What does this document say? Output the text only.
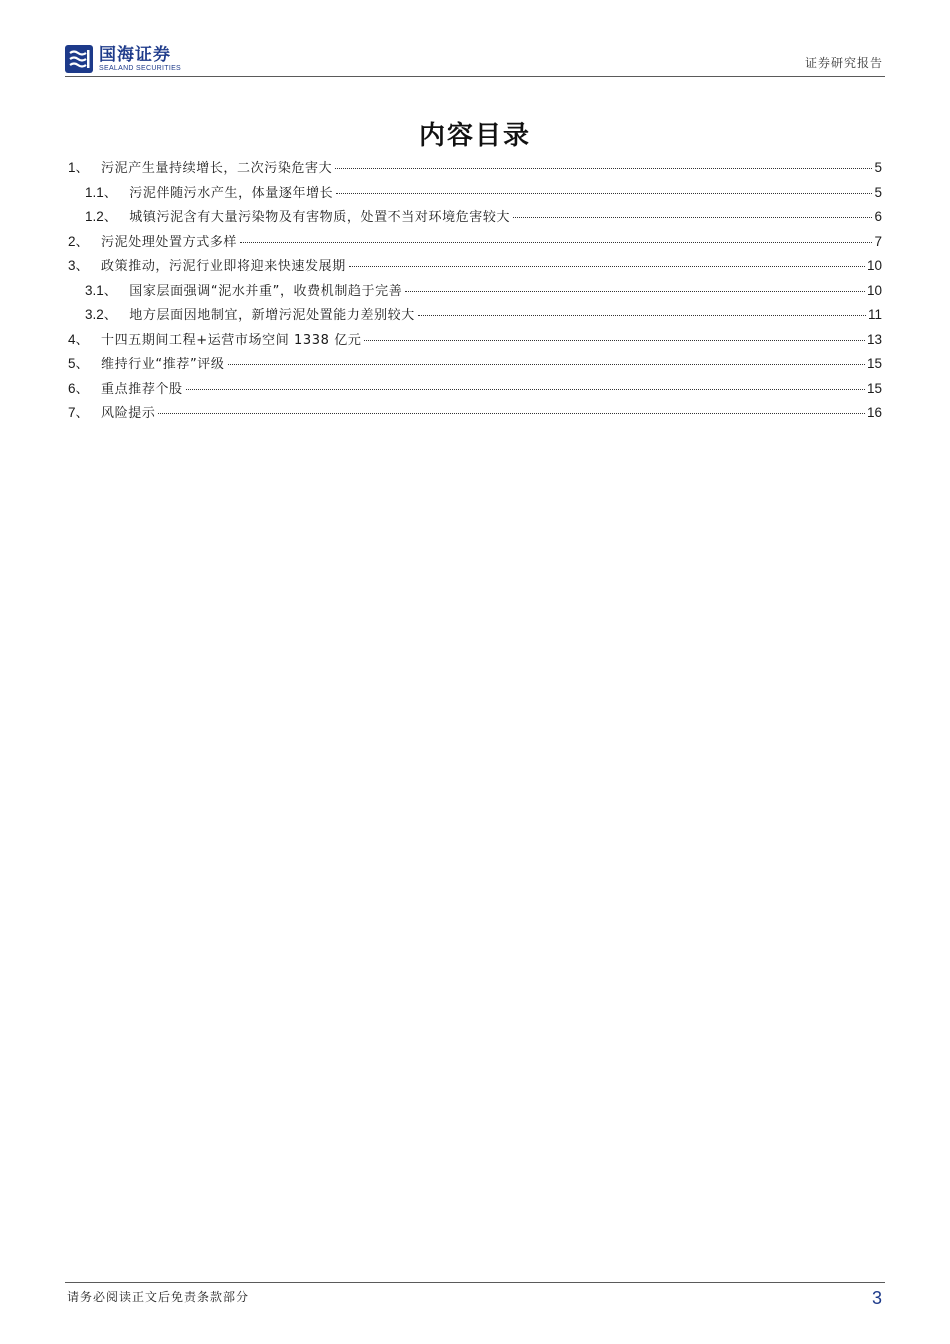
国海证券
SEALAND SECURITIES	证券研究报告
内容目录
1、 污泥产生量持续增长，二次污染危害大	5
1.1、 污泥伴随污水产生，体量逐年增长	5
1.2、 城镇污泥含有大量污染物及有害物质，处置不当对环境危害较大	6
2、 污泥处理处置方式多样	7
3、 政策推动，污泥行业即将迎来快速发展期	10
3.1、 国家层面强调“泥水并重”，收费机制趋于完善	10
3.2、 地方层面因地制宜，新增污泥处置能力差别较大	11
4、 十四五期间工程+运营市场空间 1338 亿元	13
5、 维持行业“推荐”评级	15
6、 重点推荐个股	15
7、 风险提示	16
请务必阅读正文后免责条款部分	3
